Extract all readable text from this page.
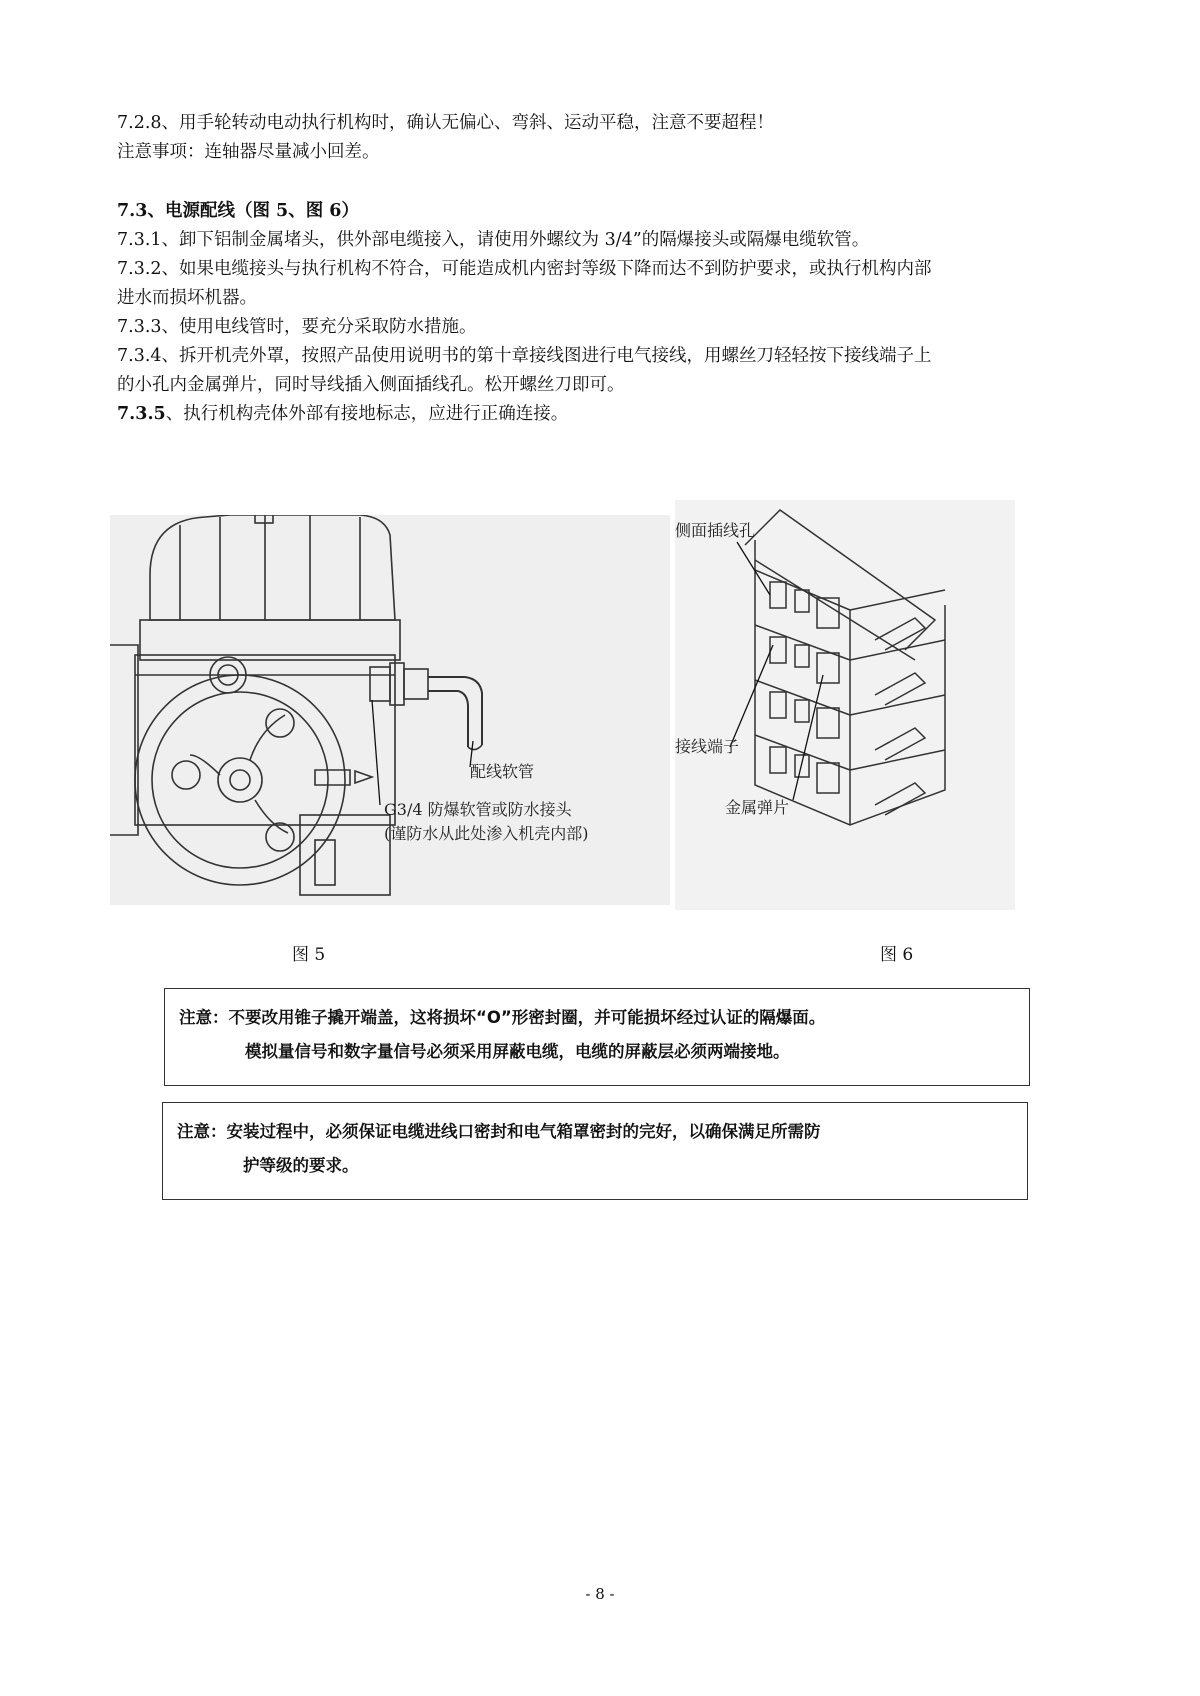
7.2.8、用手轮转动电动执行机构时，确认无偏心、弯斜、运动平稳，注意不要超程！
注意事项：连轴器尽量减小回差。
7.3、电源配线（图 5、图 6）
7.3.1、卸下铝制金属堵头，供外部电缆接入，请使用外螺纹为 3/4”的隔爆接头或隔爆电缆软管。
7.3.2、如果电缆接头与执行机构不符合，可能造成机内密封等级下降而达不到防护要求，或执行机构内部
进水而损坏机器。
7.3.3、使用电线管时，要充分采取防水措施。
7.3.4、拆开机壳外罩，按照产品使用说明书的第十章接线图进行电气接线，用螺丝刀轻轻按下接线端子上
的小孔内金属弹片，同时导线插入侧面插线孔。松开螺丝刀即可。
7.3.5、执行机构壳体外部有接地标志，应进行正确连接。
配线软管
G3/4 防爆软管或防水接头
(谨防水从此处渗入机壳内部)
侧面插线孔
接线端子
金属弹片
图 5	图 6
注意：不要改用锥子撬开端盖，这将损坏“O”形密封圈，并可能损坏经过认证的隔爆面。
模拟量信号和数字量信号必须采用屏蔽电缆，电缆的屏蔽层必须两端接地。
注意：安装过程中，必须保证电缆进线口密封和电气箱罩密封的完好，以确保满足所需防
护等级的要求。
- 8 -
